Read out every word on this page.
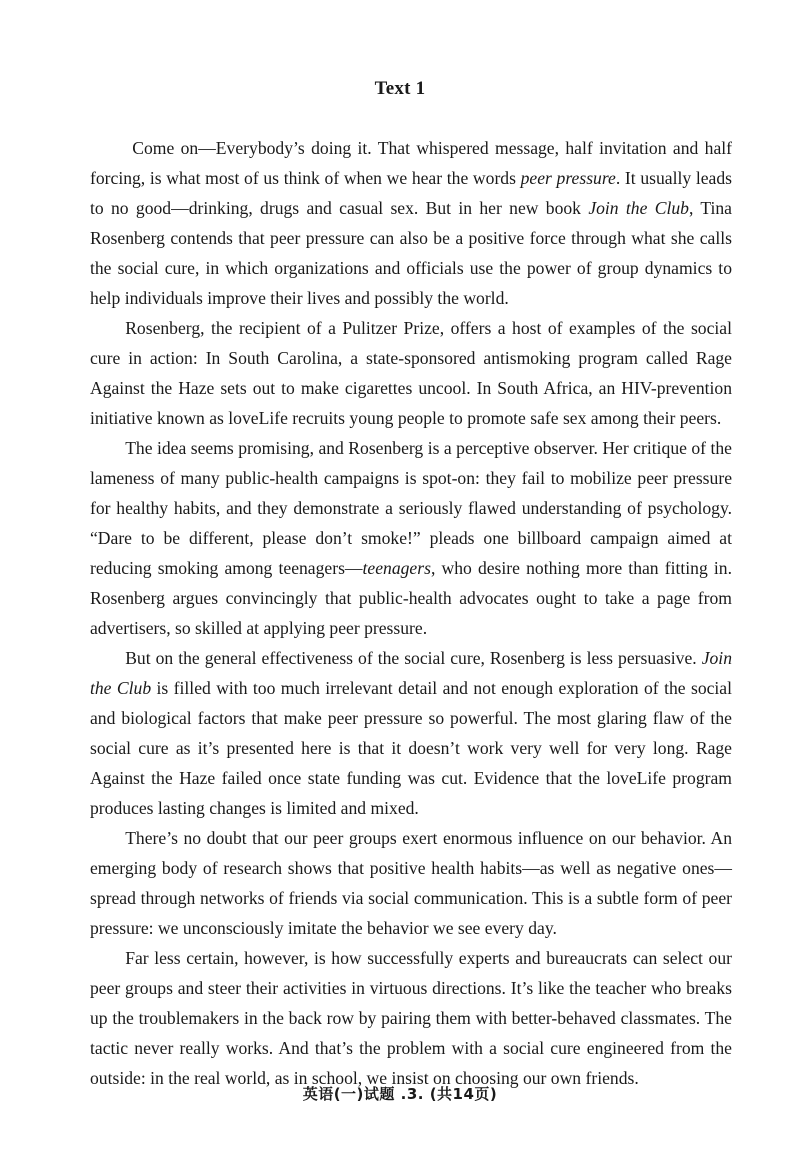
Text 1

Come on—Everybody’s doing it. That whispered message, half invitation and half forcing, is what most of us think of when we hear the words peer pressure. It usually leads to no good—drinking, drugs and casual sex. But in her new book Join the Club, Tina Rosenberg contends that peer pressure can also be a positive force through what she calls the social cure, in which organizations and officials use the power of group dynamics to help individuals improve their lives and possibly the world.

Rosenberg, the recipient of a Pulitzer Prize, offers a host of examples of the social cure in action: In South Carolina, a state-sponsored antismoking program called Rage Against the Haze sets out to make cigarettes uncool. In South Africa, an HIV-prevention initiative known as loveLife recruits young people to promote safe sex among their peers.

The idea seems promising, and Rosenberg is a perceptive observer. Her critique of the lameness of many public-health campaigns is spot-on: they fail to mobilize peer pressure for healthy habits, and they demonstrate a seriously flawed understanding of psychology. “Dare to be different, please don’t smoke!” pleads one billboard campaign aimed at reducing smoking among teenagers—teenagers, who desire nothing more than fitting in. Rosenberg argues convincingly that public-health advocates ought to take a page from advertisers, so skilled at applying peer pressure.

But on the general effectiveness of the social cure, Rosenberg is less persuasive. Join the Club is filled with too much irrelevant detail and not enough exploration of the social and biological factors that make peer pressure so powerful. The most glaring flaw of the social cure as it’s presented here is that it doesn’t work very well for very long. Rage Against the Haze failed once state funding was cut. Evidence that the loveLife program produces lasting changes is limited and mixed.

There’s no doubt that our peer groups exert enormous influence on our behavior. An emerging body of research shows that positive health habits—as well as negative ones—spread through networks of friends via social communication. This is a subtle form of peer pressure: we unconsciously imitate the behavior we see every day.

Far less certain, however, is how successfully experts and bureaucrats can select our peer groups and steer their activities in virtuous directions. It’s like the teacher who breaks up the troublemakers in the back row by pairing them with better-behaved classmates. The tactic never really works. And that’s the problem with a social cure engineered from the outside: in the real world, as in school, we insist on choosing our own friends.

英语(一)试题 .3. (共14页)
